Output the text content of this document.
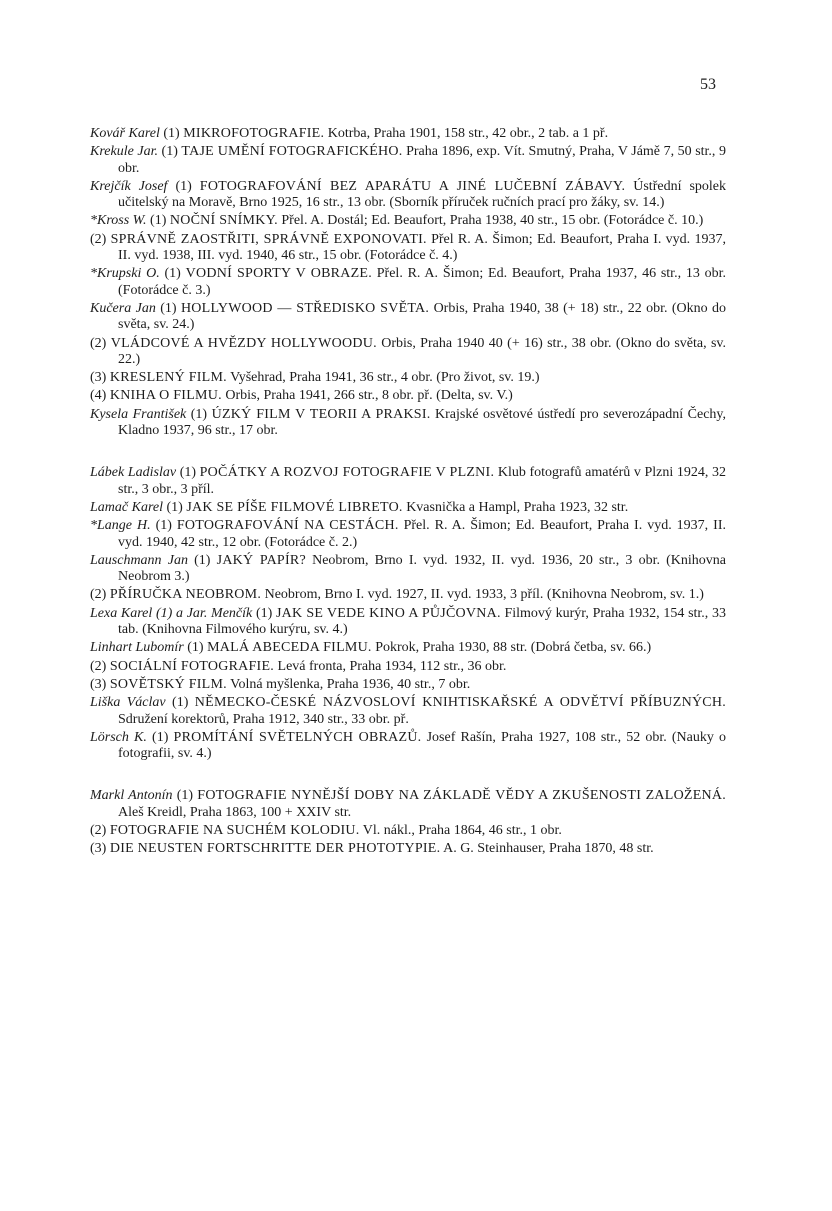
53

Kovář Karel (1) MIKROFOTOGRAFIE. Kotrba, Praha 1901, 158 str., 42 obr., 2 tab. a 1 př.

Krekule Jar. (1) TAJE UMĚNÍ FOTOGRAFICKÉHO. Praha 1896, exp. Vít. Smutný, Praha, V Jámě 7, 50 str., 9 obr.

Krejčík Josef (1) FOTOGRAFOVÁNÍ BEZ APARÁTU A JINÉ LUČEBNÍ ZÁBAVY. Ústřední spolek učitelský na Moravě, Brno 1925, 16 str., 13 obr. (Sborník příruček ručních prací pro žáky, sv. 14.)

*Kross W. (1) NOČNÍ SNÍMKY. Přel. A. Dostál; Ed. Beaufort, Praha 1938, 40 str., 15 obr. (Fotorádce č. 10.)

(2) SPRÁVNĚ ZAOSTŘITI, SPRÁVNĚ EXPONOVATI. Přel R. A. Šimon; Ed. Beaufort, Praha I. vyd. 1937, II. vyd. 1938, III. vyd. 1940, 46 str., 15 obr. (Fotorádce č. 4.)

*Krupski O. (1) VODNÍ SPORTY V OBRAZE. Přel. R. A. Šimon; Ed. Beaufort, Praha 1937, 46 str., 13 obr. (Fotorádce č. 3.)

Kučera Jan (1) HOLLYWOOD — STŘEDISKO SVĚTA. Orbis, Praha 1940, 38 (+ 18) str., 22 obr. (Okno do světa, sv. 24.)

(2) VLÁDCOVÉ A HVĚZDY HOLLYWOODU. Orbis, Praha 1940 40 (+ 16) str., 38 obr. (Okno do světa, sv. 22.)

(3) KRESLENÝ FILM. Vyšehrad, Praha 1941, 36 str., 4 obr. (Pro život, sv. 19.)

(4) KNIHA O FILMU. Orbis, Praha 1941, 266 str., 8 obr. př. (Delta, sv. V.)

Kysela František (1) ÚZKÝ FILM V TEORII A PRAKSI. Krajské osvětové ústředí pro severozápadní Čechy, Kladno 1937, 96 str., 17 obr.

Lábek Ladislav (1) POČÁTKY A ROZVOJ FOTOGRAFIE V PLZNI. Klub fotografů amatérů v Plzni 1924, 32 str., 3 obr., 3 příl.

Lamač Karel (1) JAK SE PÍŠE FILMOVÉ LIBRETO. Kvasnička a Hampl, Praha 1923, 32 str.

*Lange H. (1) FOTOGRAFOVÁNÍ NA CESTÁCH. Přel. R. A. Šimon; Ed. Beaufort, Praha I. vyd. 1937, II. vyd. 1940, 42 str., 12 obr. (Fotorádce č. 2.)

Lauschmann Jan (1) JAKÝ PAPÍR? Neobrom, Brno I. vyd. 1932, II. vyd. 1936, 20 str., 3 obr. (Knihovna Neobrom 3.)

(2) PŘÍRUČKA NEOBROM. Neobrom, Brno I. vyd. 1927, II. vyd. 1933, 3 příl. (Knihovna Neobrom, sv. 1.)

Lexa Karel (1) a Jar. Menčík (1) JAK SE VEDE KINO A PŮJČOVNA. Filmový kurýr, Praha 1932, 154 str., 33 tab. (Knihovna Filmového kurýru, sv. 4.)

Linhart Lubomír (1) MALÁ ABECEDA FILMU. Pokrok, Praha 1930, 88 str. (Dobrá četba, sv. 66.)

(2) SOCIÁLNÍ FOTOGRAFIE. Levá fronta, Praha 1934, 112 str., 36 obr.

(3) SOVĚTSKÝ FILM. Volná myšlenka, Praha 1936, 40 str., 7 obr.

Liška Václav (1) NĚMECKO-ČESKÉ NÁZVOSLOVÍ KNIHTISKAŘSKÉ A ODVĚTVÍ PŘÍBUZNÝCH. Sdružení korektorů, Praha 1912, 340 str., 33 obr. př.

Lörsch K. (1) PROMÍTÁNÍ SVĚTELNÝCH OBRAZŮ. Josef Rašín, Praha 1927, 108 str., 52 obr. (Nauky o fotografii, sv. 4.)

Markl Antonín (1) FOTOGRAFIE NYNĚJŠÍ DOBY NA ZÁKLADĚ VĚDY A ZKUŠENOSTI ZALOŽENÁ. Aleš Kreidl, Praha 1863, 100 + XXIV str.

(2) FOTOGRAFIE NA SUCHÉM KOLODIU. Vl. nákl., Praha 1864, 46 str., 1 obr.

(3) DIE NEUSTEN FORTSCHRITTE DER PHOTOTYPIE. A. G. Steinhauser, Praha 1870, 48 str.
